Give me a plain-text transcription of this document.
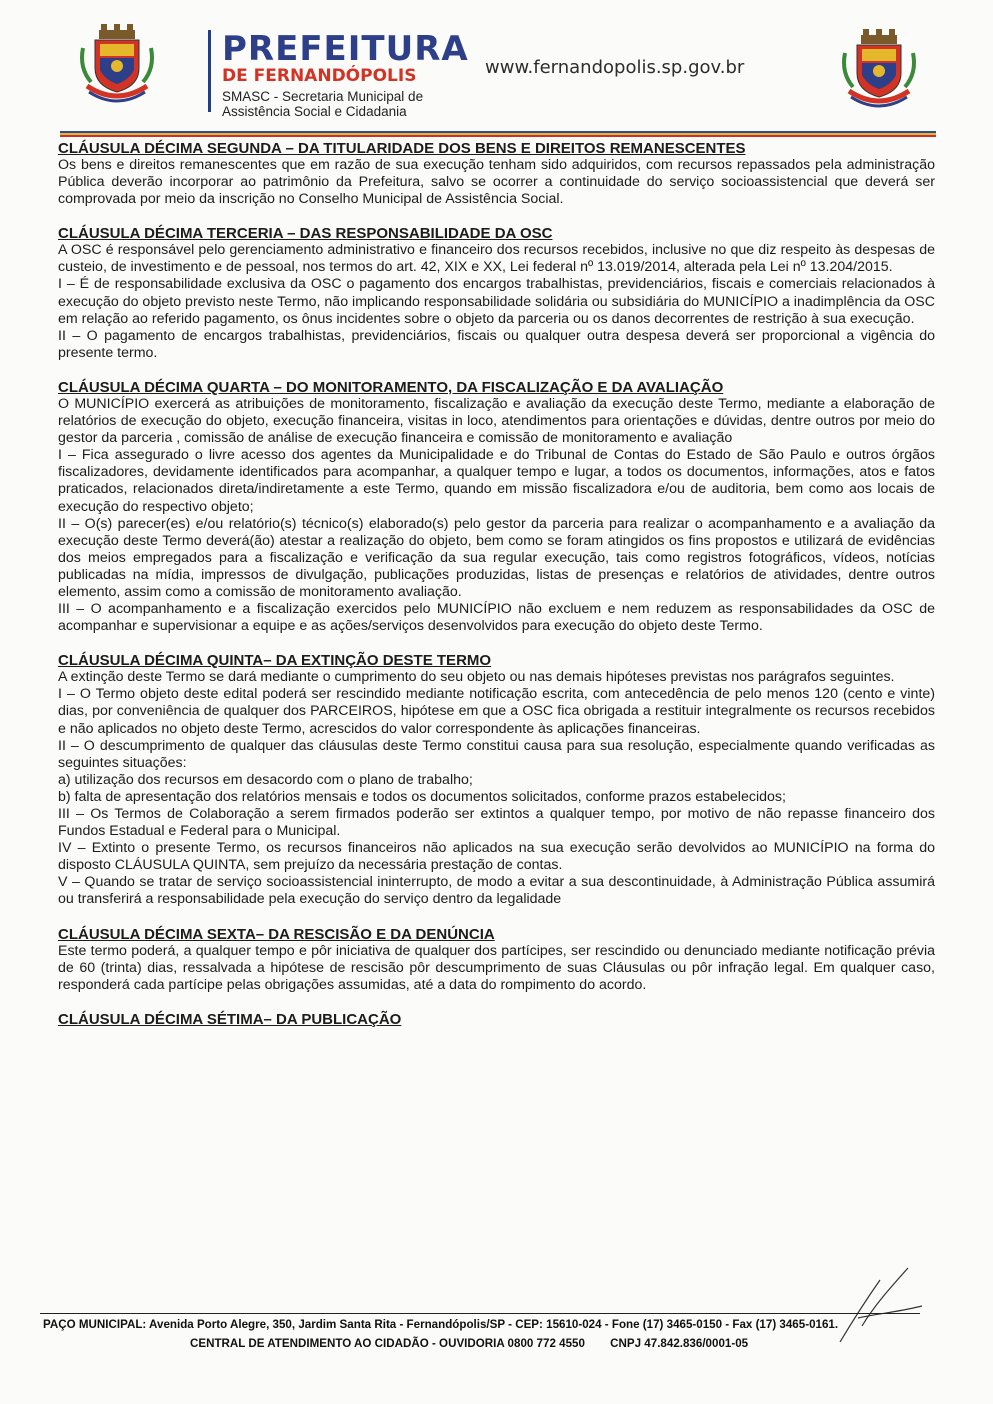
PREFEITURA
DE FERNANDÓPOLIS
SMASC - Secretaria Municipal de
Assistência Social e Cidadania
www.fernandopolis.sp.gov.br

CLÁUSULA DÉCIMA SEGUNDA – DA TITULARIDADE DOS BENS E DIREITOS REMANESCENTES

Os bens e direitos remanescentes que em razão de sua execução tenham sido adquiridos, com recursos repassados pela administração Pública deverão incorporar ao patrimônio da Prefeitura, salvo se ocorrer a continuidade do serviço socioassistencial que deverá ser comprovada por meio da inscrição no Conselho Municipal de Assistência Social.

CLÁUSULA DÉCIMA TERCERIA – DAS RESPONSABILIDADE DA OSC

A OSC é responsável pelo gerenciamento administrativo e financeiro dos recursos recebidos, inclusive no que diz respeito às despesas de custeio, de investimento e de pessoal, nos termos do art. 42, XIX e XX, Lei federal nº 13.019/2014, alterada pela Lei nº 13.204/2015.

I – É de responsabilidade exclusiva da OSC o pagamento dos encargos trabalhistas, previdenciários, fiscais e comerciais relacionados à execução do objeto previsto neste Termo, não implicando responsabilidade solidária ou subsidiária do MUNICÍPIO a inadimplência da OSC em relação ao referido pagamento, os ônus incidentes sobre o objeto da parceria ou os danos decorrentes de restrição à sua execução.

II – O pagamento de encargos trabalhistas, previdenciários, fiscais ou qualquer outra despesa deverá ser proporcional a vigência do presente termo.

CLÁUSULA DÉCIMA QUARTA – DO MONITORAMENTO, DA FISCALIZAÇÃO E DA AVALIAÇÃO

O MUNICÍPIO exercerá as atribuições de monitoramento, fiscalização e avaliação da execução deste Termo, mediante a elaboração de relatórios de execução do objeto, execução financeira, visitas in loco, atendimentos para orientações e dúvidas, dentre outros por meio do gestor da parceria , comissão de análise de execução financeira e comissão de monitoramento e avaliação

I – Fica assegurado o livre acesso dos agentes da Municipalidade e do Tribunal de Contas do Estado de São Paulo e outros órgãos fiscalizadores, devidamente identificados para acompanhar, a qualquer tempo e lugar, a todos os documentos, informações, atos e fatos praticados, relacionados direta/indiretamente a este Termo, quando em missão fiscalizadora e/ou de auditoria, bem como aos locais de execução do respectivo objeto;

II – O(s) parecer(es) e/ou relatório(s) técnico(s) elaborado(s) pelo gestor da parceria para realizar o acompanhamento e a avaliação da execução deste Termo deverá(ão) atestar a realização do objeto, bem como se foram atingidos os fins propostos e utilizará de evidências dos meios empregados para a fiscalização e verificação da sua regular execução, tais como registros fotográficos, vídeos, notícias publicadas na mídia, impressos de divulgação, publicações produzidas, listas de presenças e relatórios de atividades, dentre outros elemento, assim como a comissão de monitoramento avaliação.

III – O acompanhamento e a fiscalização exercidos pelo MUNICÍPIO não excluem e nem reduzem as responsabilidades da OSC de acompanhar e supervisionar a equipe e as ações/serviços desenvolvidos para execução do objeto deste Termo.

CLÁUSULA DÉCIMA QUINTA– DA EXTINÇÃO DESTE TERMO

A extinção deste Termo se dará mediante o cumprimento do seu objeto ou nas demais hipóteses previstas nos parágrafos seguintes.

I – O Termo objeto deste edital poderá ser rescindido mediante notificação escrita, com antecedência de pelo menos 120 (cento e vinte) dias, por conveniência de qualquer dos PARCEIROS, hipótese em que a OSC fica obrigada a restituir integralmente os recursos recebidos e não aplicados no objeto deste Termo, acrescidos do valor correspondente às aplicações financeiras.

II – O descumprimento de qualquer das cláusulas deste Termo constitui causa para sua resolução, especialmente quando verificadas as seguintes situações:

a) utilização dos recursos em desacordo com o plano de trabalho;

b) falta de apresentação dos relatórios mensais e todos os documentos solicitados, conforme prazos estabelecidos;

III – Os Termos de Colaboração a serem firmados poderão ser extintos a qualquer tempo, por motivo de não repasse financeiro dos Fundos Estadual e Federal para o Municipal.

IV – Extinto o presente Termo, os recursos financeiros não aplicados na sua execução serão devolvidos ao MUNICÍPIO na forma do disposto CLÁUSULA QUINTA, sem prejuízo da necessária prestação de contas.

V – Quando se tratar de serviço socioassistencial ininterrupto, de modo a evitar a sua descontinuidade, à Administração Pública assumirá ou transferirá a responsabilidade pela execução do serviço dentro da legalidade

CLÁUSULA DÉCIMA SEXTA– DA RESCISÃO E DA DENÚNCIA

Este termo poderá, a qualquer tempo e pôr iniciativa de qualquer dos partícipes, ser rescindido ou denunciado mediante notificação prévia de 60 (trinta) dias, ressalvada a hipótese de rescisão pôr descumprimento de suas Cláusulas ou pôr infração legal. Em qualquer caso, responderá cada partícipe pelas obrigações assumidas, até a data do rompimento do acordo.

CLÁUSULA DÉCIMA SÉTIMA– DA PUBLICAÇÃO

PAÇO MUNICIPAL: Avenida Porto Alegre, 350, Jardim Santa Rita - Fernandópolis/SP - CEP: 15610-024 - Fone (17) 3465-0150 - Fax (17) 3465-0161.
CENTRAL DE ATENDIMENTO AO CIDADÃO - OUVIDORIA 0800 772 4550 CNPJ 47.842.836/0001-05
